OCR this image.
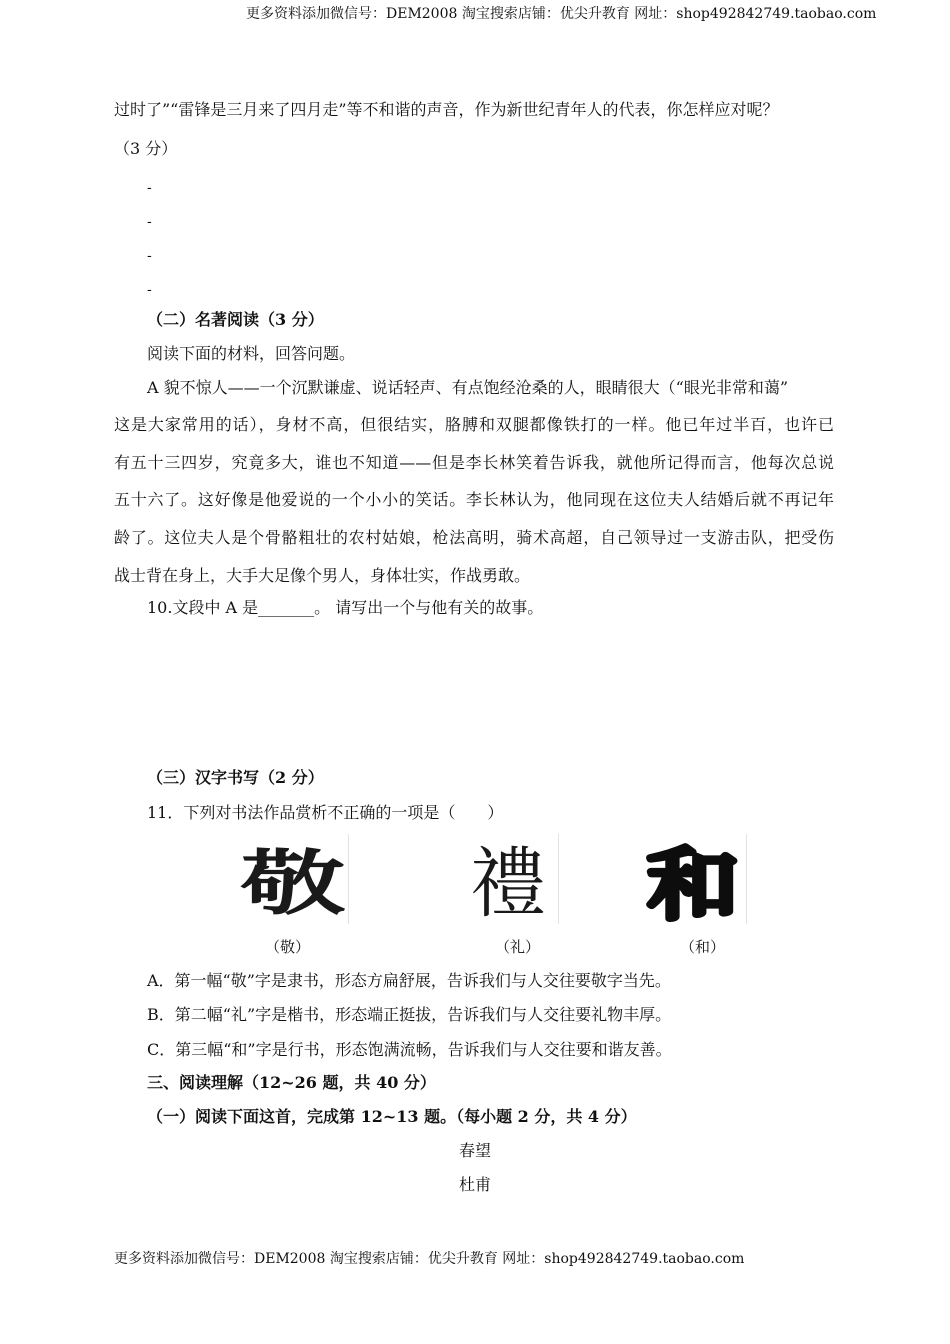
更多资料添加微信号：DEM2008 淘宝搜索店铺：优尖升教育 网址：shop492842749.taobao.com
过时了”“雷锋是三月来了四月走”等不和谐的声音，作为新世纪青年人的代表，你怎样应对呢？
（3 分）
-
-
-
-
（二）名著阅读（3 分）
阅读下面的材料，回答问题。
A 貌不惊人——一个沉默谦虚、说话轻声、有点饱经沧桑的人，眼睛很大（“眼光非常和蔼”
这是大家常用的话），身材不高，但很结实，胳膊和双腿都像铁打的一样。他已年过半百，也许已
有五十三四岁，究竟多大，谁也不知道——但是李长林笑着告诉我，就他所记得而言，他每次总说
五十六了。这好像是他爱说的一个小小的笑话。李长林认为，他同现在这位夫人结婚后就不再记年
龄了。这位夫人是个骨骼粗壮的农村姑娘，枪法高明，骑术高超，自己领导过一支游击队，把受伤
战士背在身上，大手大足像个男人，身体壮实，作战勇敢。
10.文段中 A 是_______。 请写出一个与他有关的故事。
（三）汉字书写（2 分）
11．下列对书法作品赏析不正确的一项是（　　）
敬 禮 和
（敬）	（礼）	（和）
A．第一幅“敬”字是隶书，形态方扁舒展，告诉我们与人交往要敬字当先。
B．第二幅“礼”字是楷书，形态端正挺拔，告诉我们与人交往要礼物丰厚。
C．第三幅“和”字是行书，形态饱满流畅，告诉我们与人交往要和谐友善。
三、阅读理解（12~26 题，共 40 分）
（一）阅读下面这首，完成第 12~13 题。（每小题 2 分，共 4 分）
春望
杜甫
更多资料添加微信号：DEM2008 淘宝搜索店铺：优尖升教育 网址：shop492842749.taobao.com
